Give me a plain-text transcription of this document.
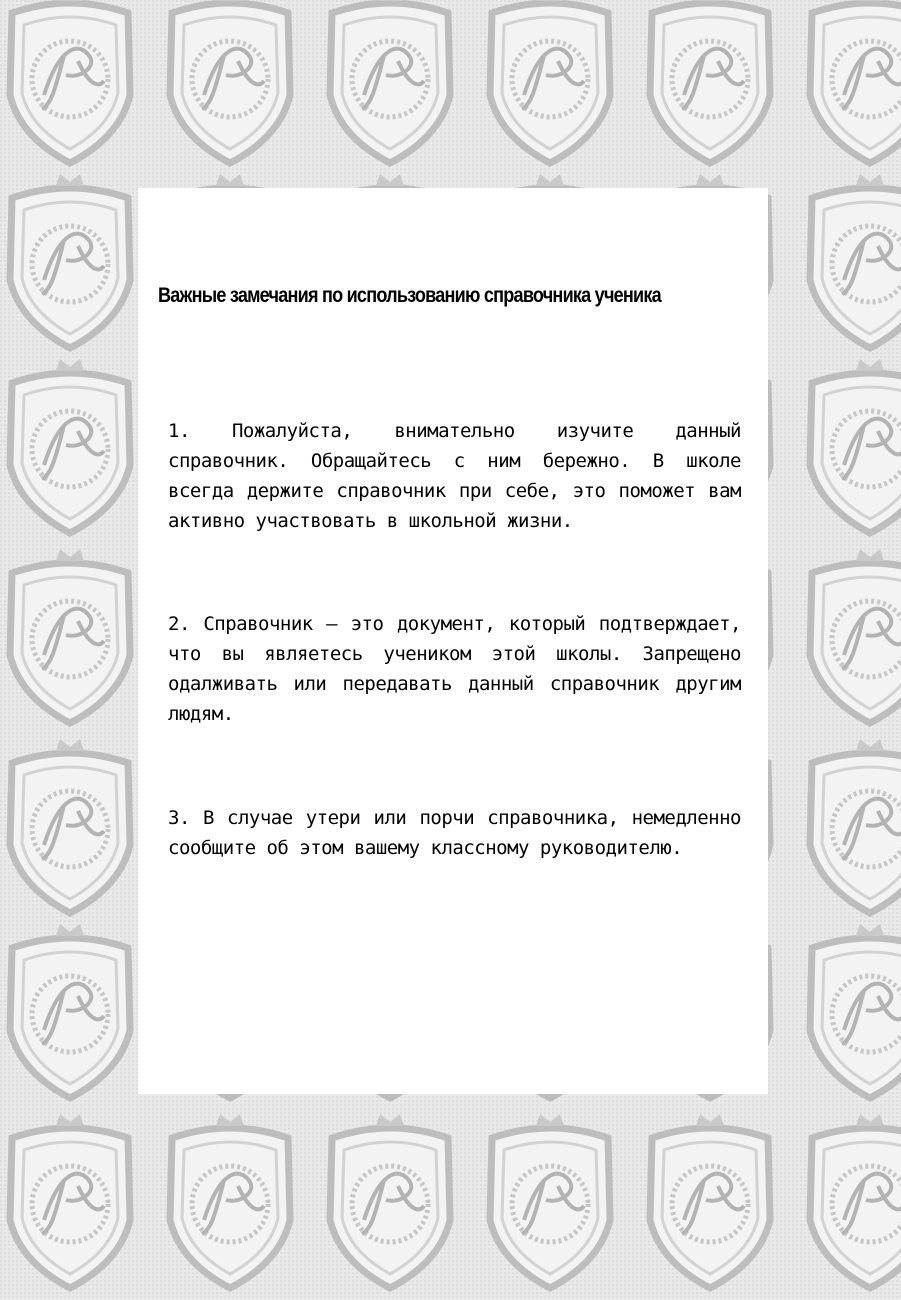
Важные замечания по использованию справочника ученика

1. Пожалуйста, внимательно изучите данный справочник. Обращайтесь с ним бережно. В школе всегда держите справочник при себе, это поможет вам активно участвовать в школьной жизни.

2. Справочник – это документ, который подтверждает, что вы являетесь учеником этой школы. Запрещено одалживать или передавать данный справочник другим людям.

3. В случае утери или порчи справочника, немедленно сообщите об этом вашему классному руководителю.
